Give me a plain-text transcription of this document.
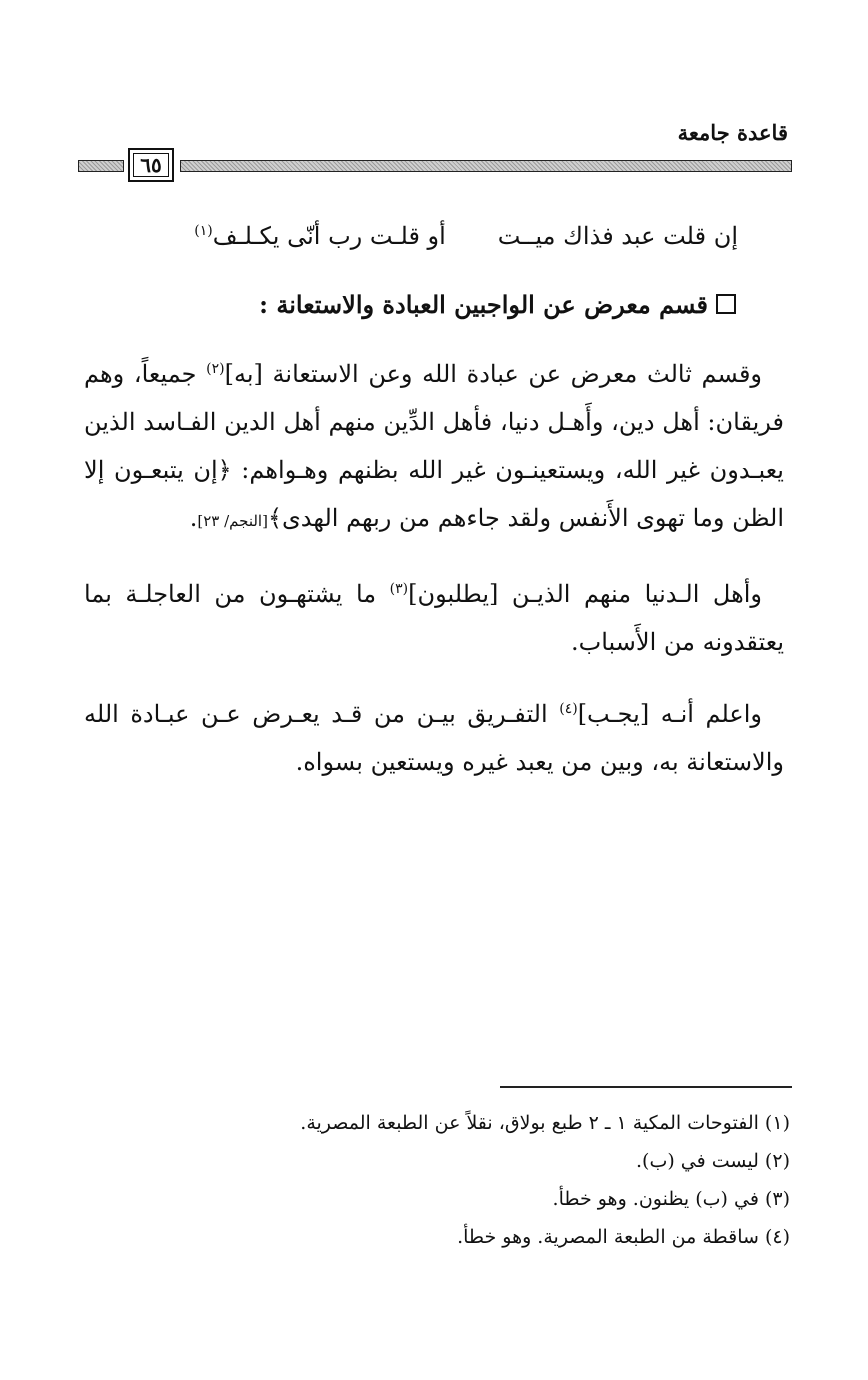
قاعدة جامعة
٦٥
إن قلت عبد فذاك ميــتأو قلـت رب أنّى يكـلـف$^{(١)}$
قسم معرض عن الواجبين العبادة والاستعانة :
وقسم ثالث معرض عن عبادة الله وعن الاستعانة [به]$^{(٢)}$ جميعاً، وهم فريقان: أهل دين، وأَهـل دنيا، فأهل الدِّين منهم أهل الدين الفـاسد الذين يعبـدون غير الله، ويستعينـون غير الله بظنهم وهـواهم: ﴿إن يتبعـون إلا الظن وما تهوى الأَنفس ولقد جاءهم من ربهم الهدى﴾[النجم/ ٢٣].
وأهل الـدنيا منهم الذيـن [يطلبون]$^{(٣)}$ ما يشتهـون من العاجلـة بما يعتقدونه من الأَسباب.
واعلم أنـه [يجـب]$^{(٤)}$ التفـريق بيـن من قـد يعـرض عـن عبـادة الله والاستعانة به، وبين من يعبد غيره ويستعين بسواه.
(١) الفتوحات المكية ١ ـ ٢ طبع بولاق، نقلاً عن الطبعة المصرية.
(٢) ليست في (ب).
(٣) في (ب) يظنون. وهو خطأ.
(٤) ساقطة من الطبعة المصرية. وهو خطأ.
